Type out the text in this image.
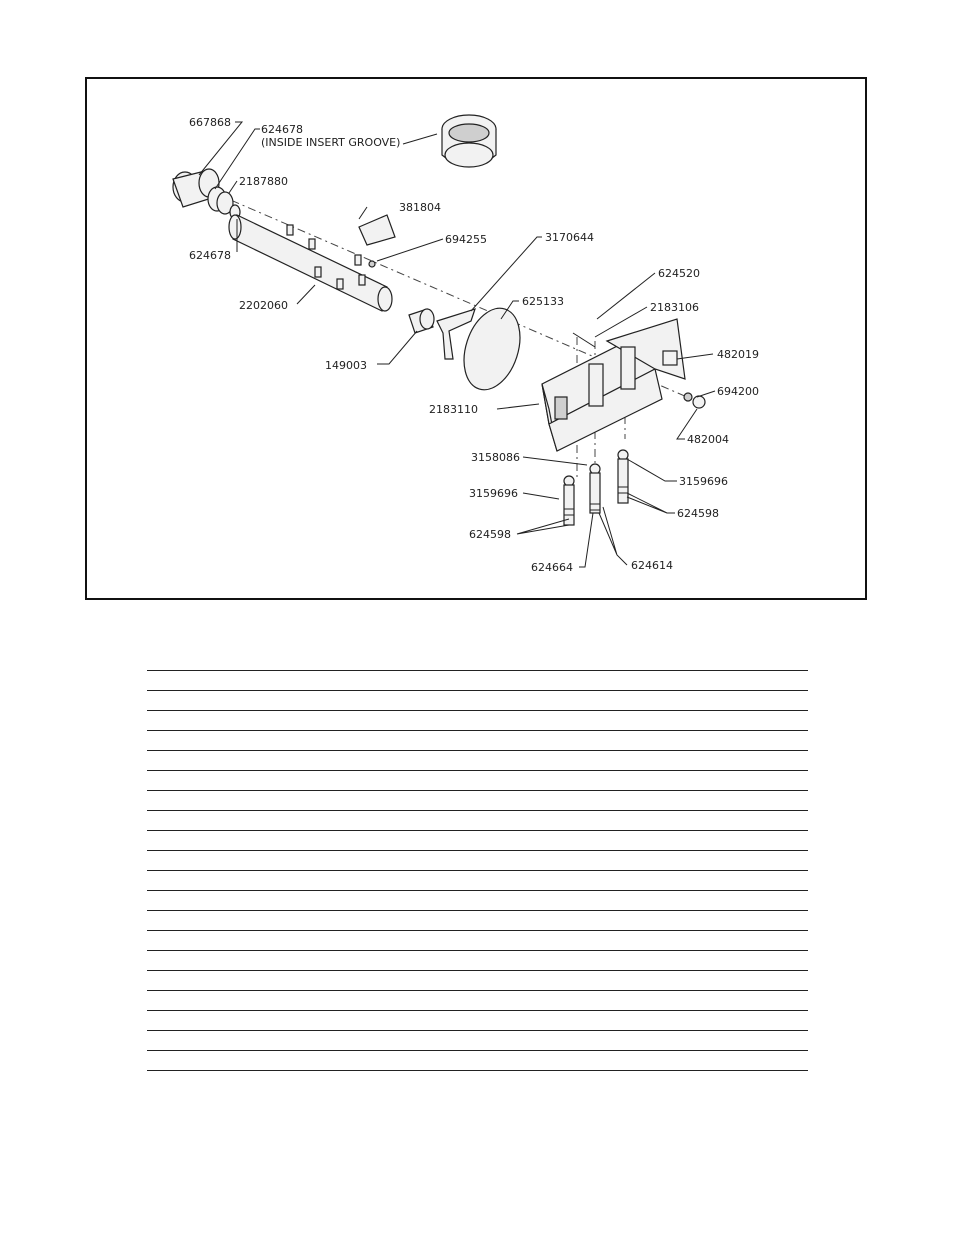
667868
624678
(INSIDE INSERT GROOVE)
2187880
624678
381804
694255	3170644
2202060	625133
149003
624520
2183106
482019
694200
2183110
482004
3158086
3159696
3159696
624598
624598
624664	624614
